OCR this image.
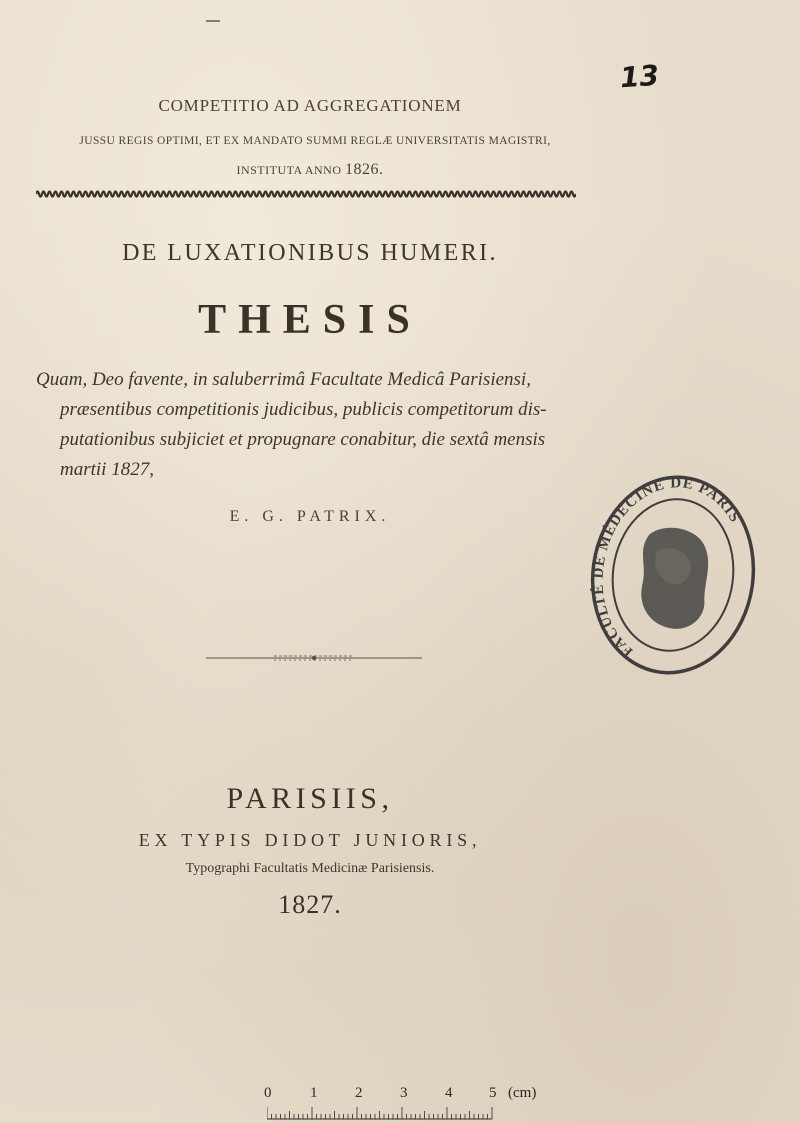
13
COMPETITIO AD AGGREGATIONEM
JUSSU REGIS OPTIMI, ET EX MANDATO SUMMI REGLÆ UNIVERSITATIS MAGISTRI,
INSTITUTA ANNO 1826.
DE LUXATIONIBUS HUMERI.
THESIS
Quam, Deo favente, in saluberrimâ Facultate Medicâ Parisiensi,
præsentibus competitionis judicibus, publicis competitorum dis-
putationibus subjiciet et propugnare conabitur, die sextâ mensis
martii 1827,
E. G. PATRIX.
FACULTÉ DE MÉDECINE DE PARIS
PARISIIS,
EX TYPIS DIDOT JUNIORIS,
Typographi Facultatis Medicinæ Parisiensis.
1827.
0	1	2	3	4 5 (cm)
